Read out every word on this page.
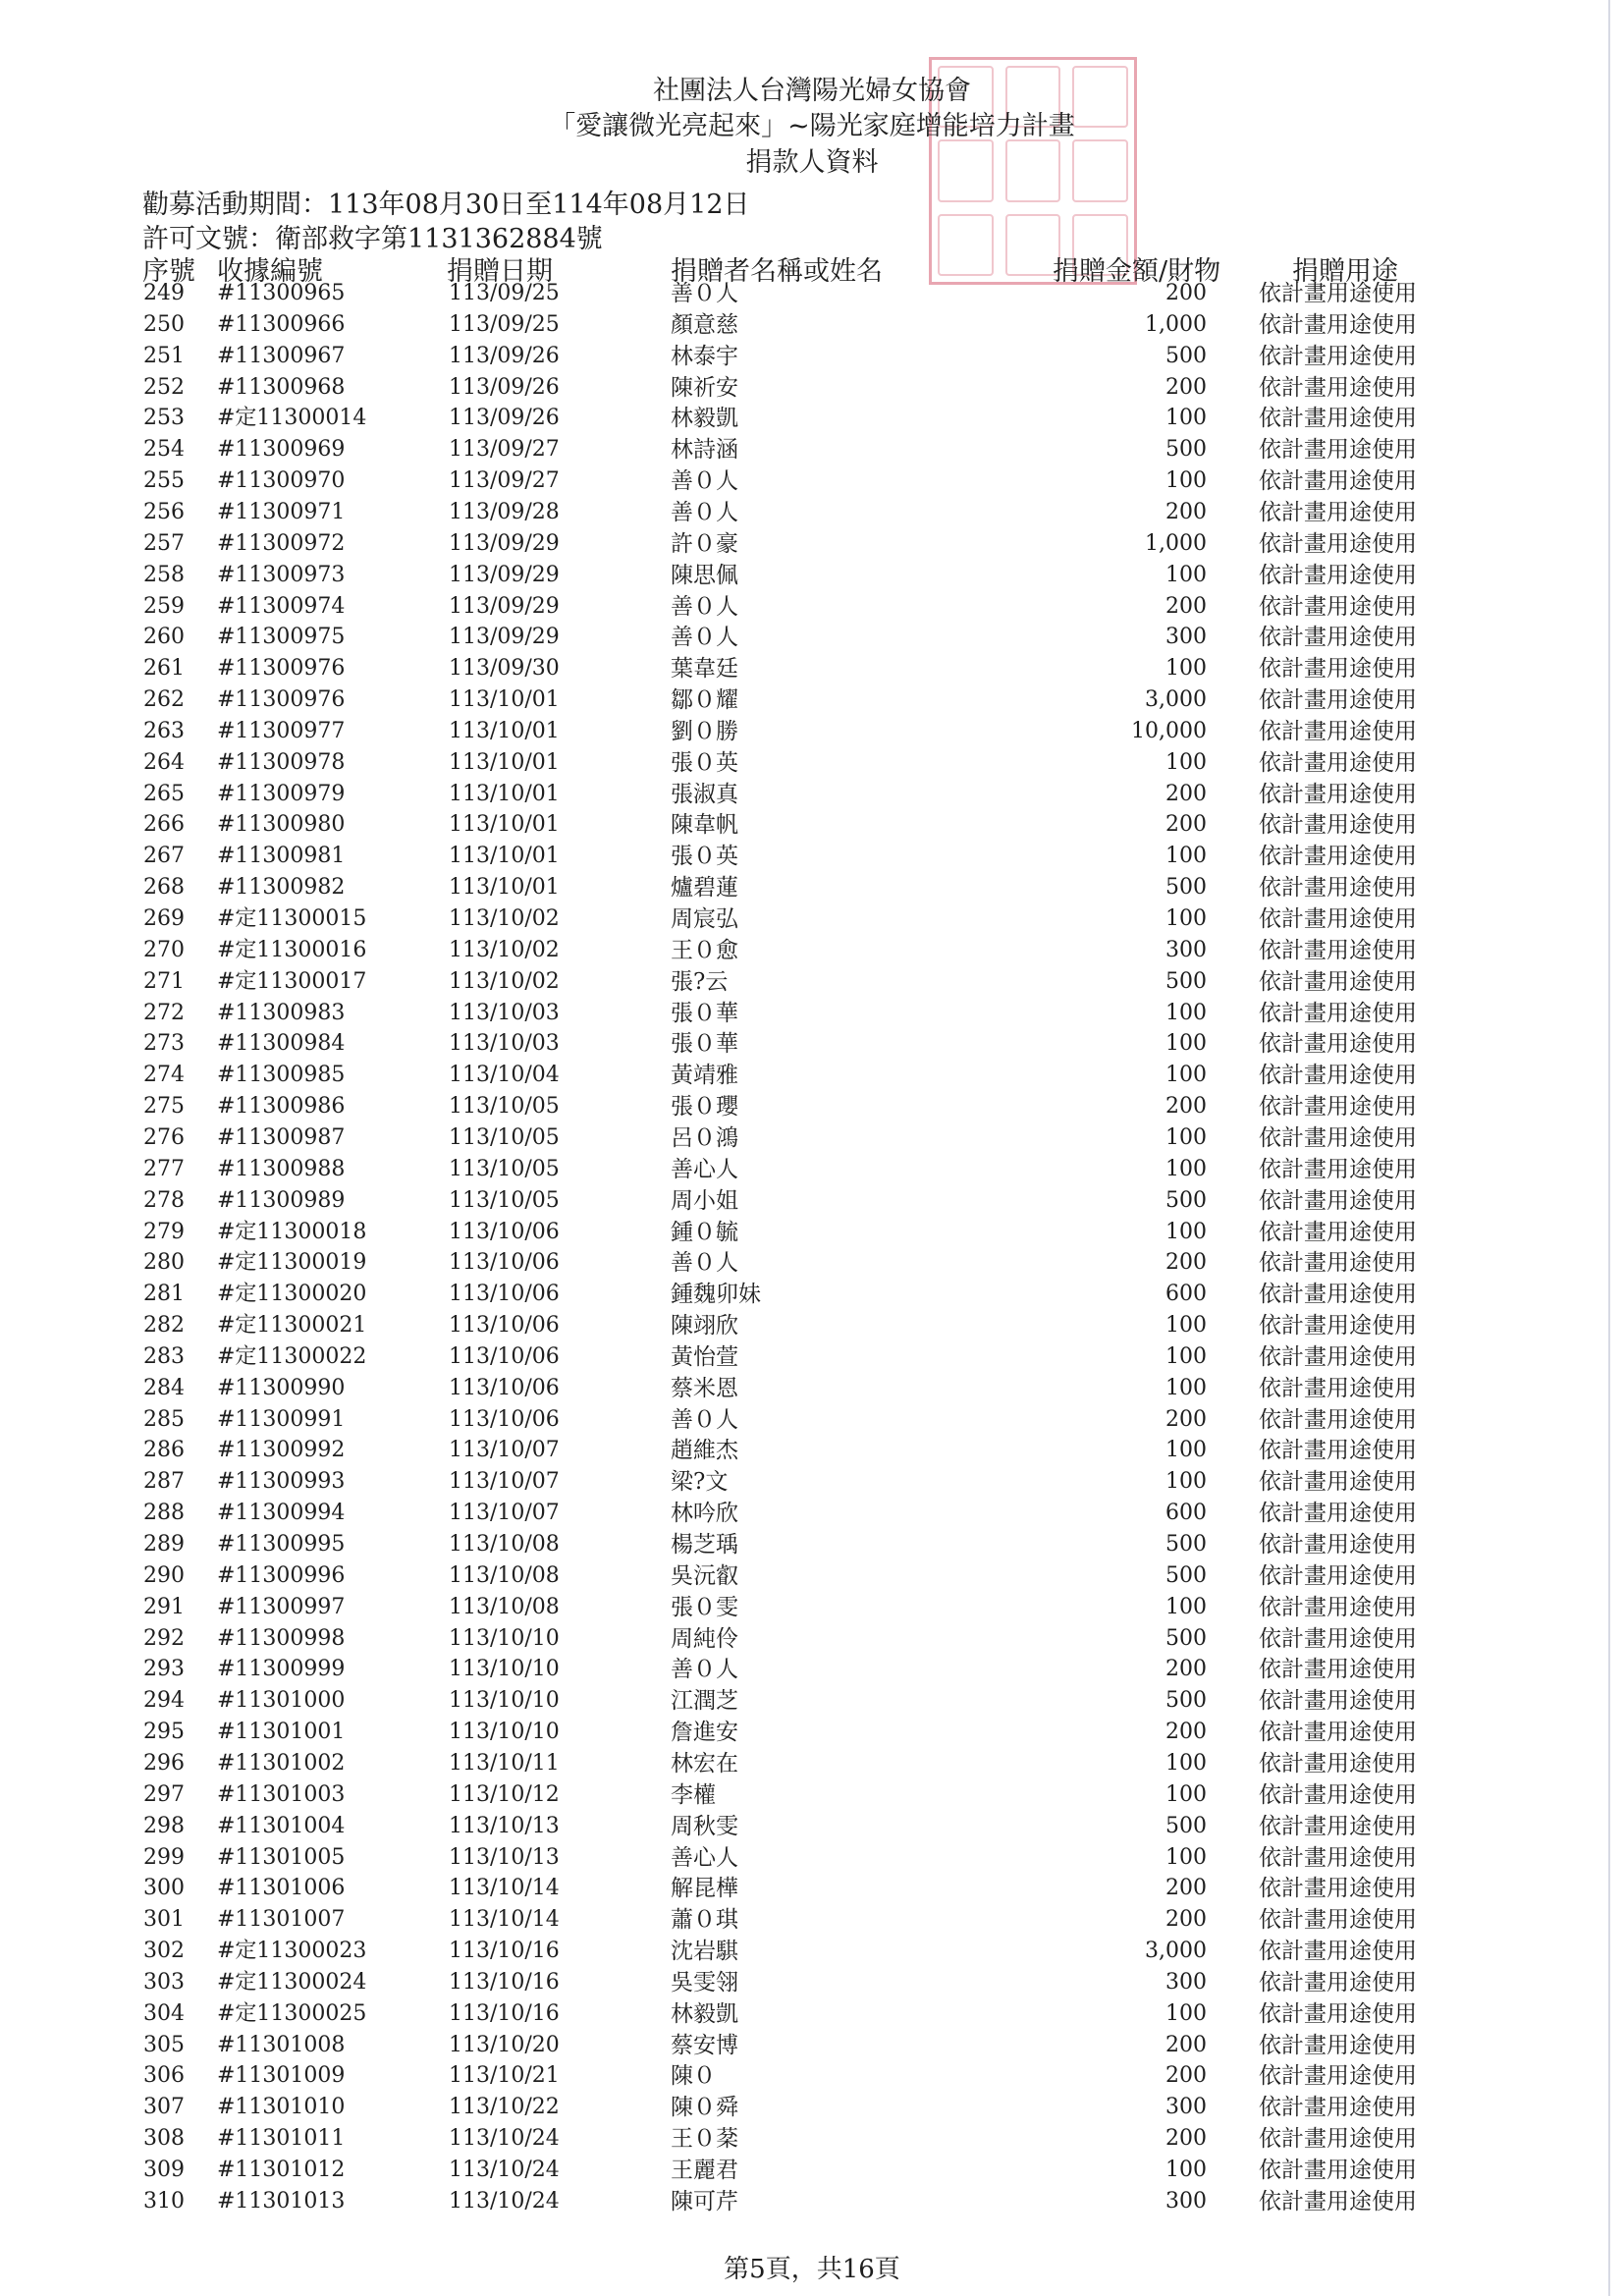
社團法人台灣陽光婦女協會
「愛讓微光亮起來」~陽光家庭增能培力計畫
捐款人資料
勸募活動期間：113年08月30日至114年08月12日
許可文號：衛部救字第1131362884號
序號 收據編號	捐贈日期	捐贈者名稱或姓名	捐贈金額/財物	捐贈用途
249 #11300965	113/09/25	善０人	200 依計畫用途使用
250 #11300966	113/09/25	顏意慈	1,000 依計畫用途使用
251 #11300967	113/09/26	林泰宇	500 依計畫用途使用
252 #11300968	113/09/26	陳祈安	200 依計畫用途使用
253 #定11300014	113/09/26	林毅凱	100 依計畫用途使用
254 #11300969	113/09/27	林詩涵	500 依計畫用途使用
255 #11300970	113/09/27	善０人	100 依計畫用途使用
256 #11300971	113/09/28	善０人	200 依計畫用途使用
257 #11300972	113/09/29	許０豪	1,000 依計畫用途使用
258 #11300973	113/09/29	陳思佩	100 依計畫用途使用
259 #11300974	113/09/29	善０人	200 依計畫用途使用
260 #11300975	113/09/29	善０人	300 依計畫用途使用
261 #11300976	113/09/30	葉韋廷	100 依計畫用途使用
262 #11300976	113/10/01	鄒０耀	3,000 依計畫用途使用
263 #11300977	113/10/01	劉０勝	10,000 依計畫用途使用
264 #11300978	113/10/01	張０英	100 依計畫用途使用
265 #11300979	113/10/01	張淑真	200 依計畫用途使用
266 #11300980	113/10/01	陳韋帆	200 依計畫用途使用
267 #11300981	113/10/01	張０英	100 依計畫用途使用
268 #11300982	113/10/01	爐碧蓮	500 依計畫用途使用
269 #定11300015	113/10/02	周宸弘	100 依計畫用途使用
270 #定11300016	113/10/02	王０愈	300 依計畫用途使用
271 #定11300017	113/10/02	張?云	500 依計畫用途使用
272 #11300983	113/10/03	張０華	100 依計畫用途使用
273 #11300984	113/10/03	張０華	100 依計畫用途使用
274 #11300985	113/10/04	黃靖雅	100 依計畫用途使用
275 #11300986	113/10/05	張０瓔	200 依計畫用途使用
276 #11300987	113/10/05	呂０鴻	100 依計畫用途使用
277 #11300988	113/10/05	善心人	100 依計畫用途使用
278 #11300989	113/10/05	周小姐	500 依計畫用途使用
279 #定11300018	113/10/06	鍾０毓	100 依計畫用途使用
280 #定11300019	113/10/06	善０人	200 依計畫用途使用
281 #定11300020	113/10/06	鍾魏卯妹	600 依計畫用途使用
282 #定11300021	113/10/06	陳翊欣	100 依計畫用途使用
283 #定11300022	113/10/06	黃怡萱	100 依計畫用途使用
284 #11300990	113/10/06	蔡米恩	100 依計畫用途使用
285 #11300991	113/10/06	善０人	200 依計畫用途使用
286 #11300992	113/10/07	趙維杰	100 依計畫用途使用
287 #11300993	113/10/07	梁?文	100 依計畫用途使用
288 #11300994	113/10/07	林吟欣	600 依計畫用途使用
289 #11300995	113/10/08	楊芝瑀	500 依計畫用途使用
290 #11300996	113/10/08	吳沅叡	500 依計畫用途使用
291 #11300997	113/10/08	張０雯	100 依計畫用途使用
292 #11300998	113/10/10	周純伶	500 依計畫用途使用
293 #11300999	113/10/10	善０人	200 依計畫用途使用
294 #11301000	113/10/10	江潤芝	500 依計畫用途使用
295 #11301001	113/10/10	詹進安	200 依計畫用途使用
296 #11301002	113/10/11	林宏在	100 依計畫用途使用
297 #11301003	113/10/12	李權	100 依計畫用途使用
298 #11301004	113/10/13	周秋雯	500 依計畫用途使用
299 #11301005	113/10/13	善心人	100 依計畫用途使用
300 #11301006	113/10/14	解昆樺	200 依計畫用途使用
301 #11301007	113/10/14	蕭０琪	200 依計畫用途使用
302 #定11300023	113/10/16	沈岩騏	3,000 依計畫用途使用
303 #定11300024	113/10/16	吳雯翎	300 依計畫用途使用
304 #定11300025	113/10/16	林毅凱	100 依計畫用途使用
305 #11301008	113/10/20	蔡安博	200 依計畫用途使用
306 #11301009	113/10/21	陳０	200 依計畫用途使用
307 #11301010	113/10/22	陳０舜	300 依計畫用途使用
308 #11301011	113/10/24	王０棻	200 依計畫用途使用
309 #11301012	113/10/24	王麗君	100 依計畫用途使用
310 #11301013	113/10/24	陳可芹	300 依計畫用途使用
第5頁，共16頁
